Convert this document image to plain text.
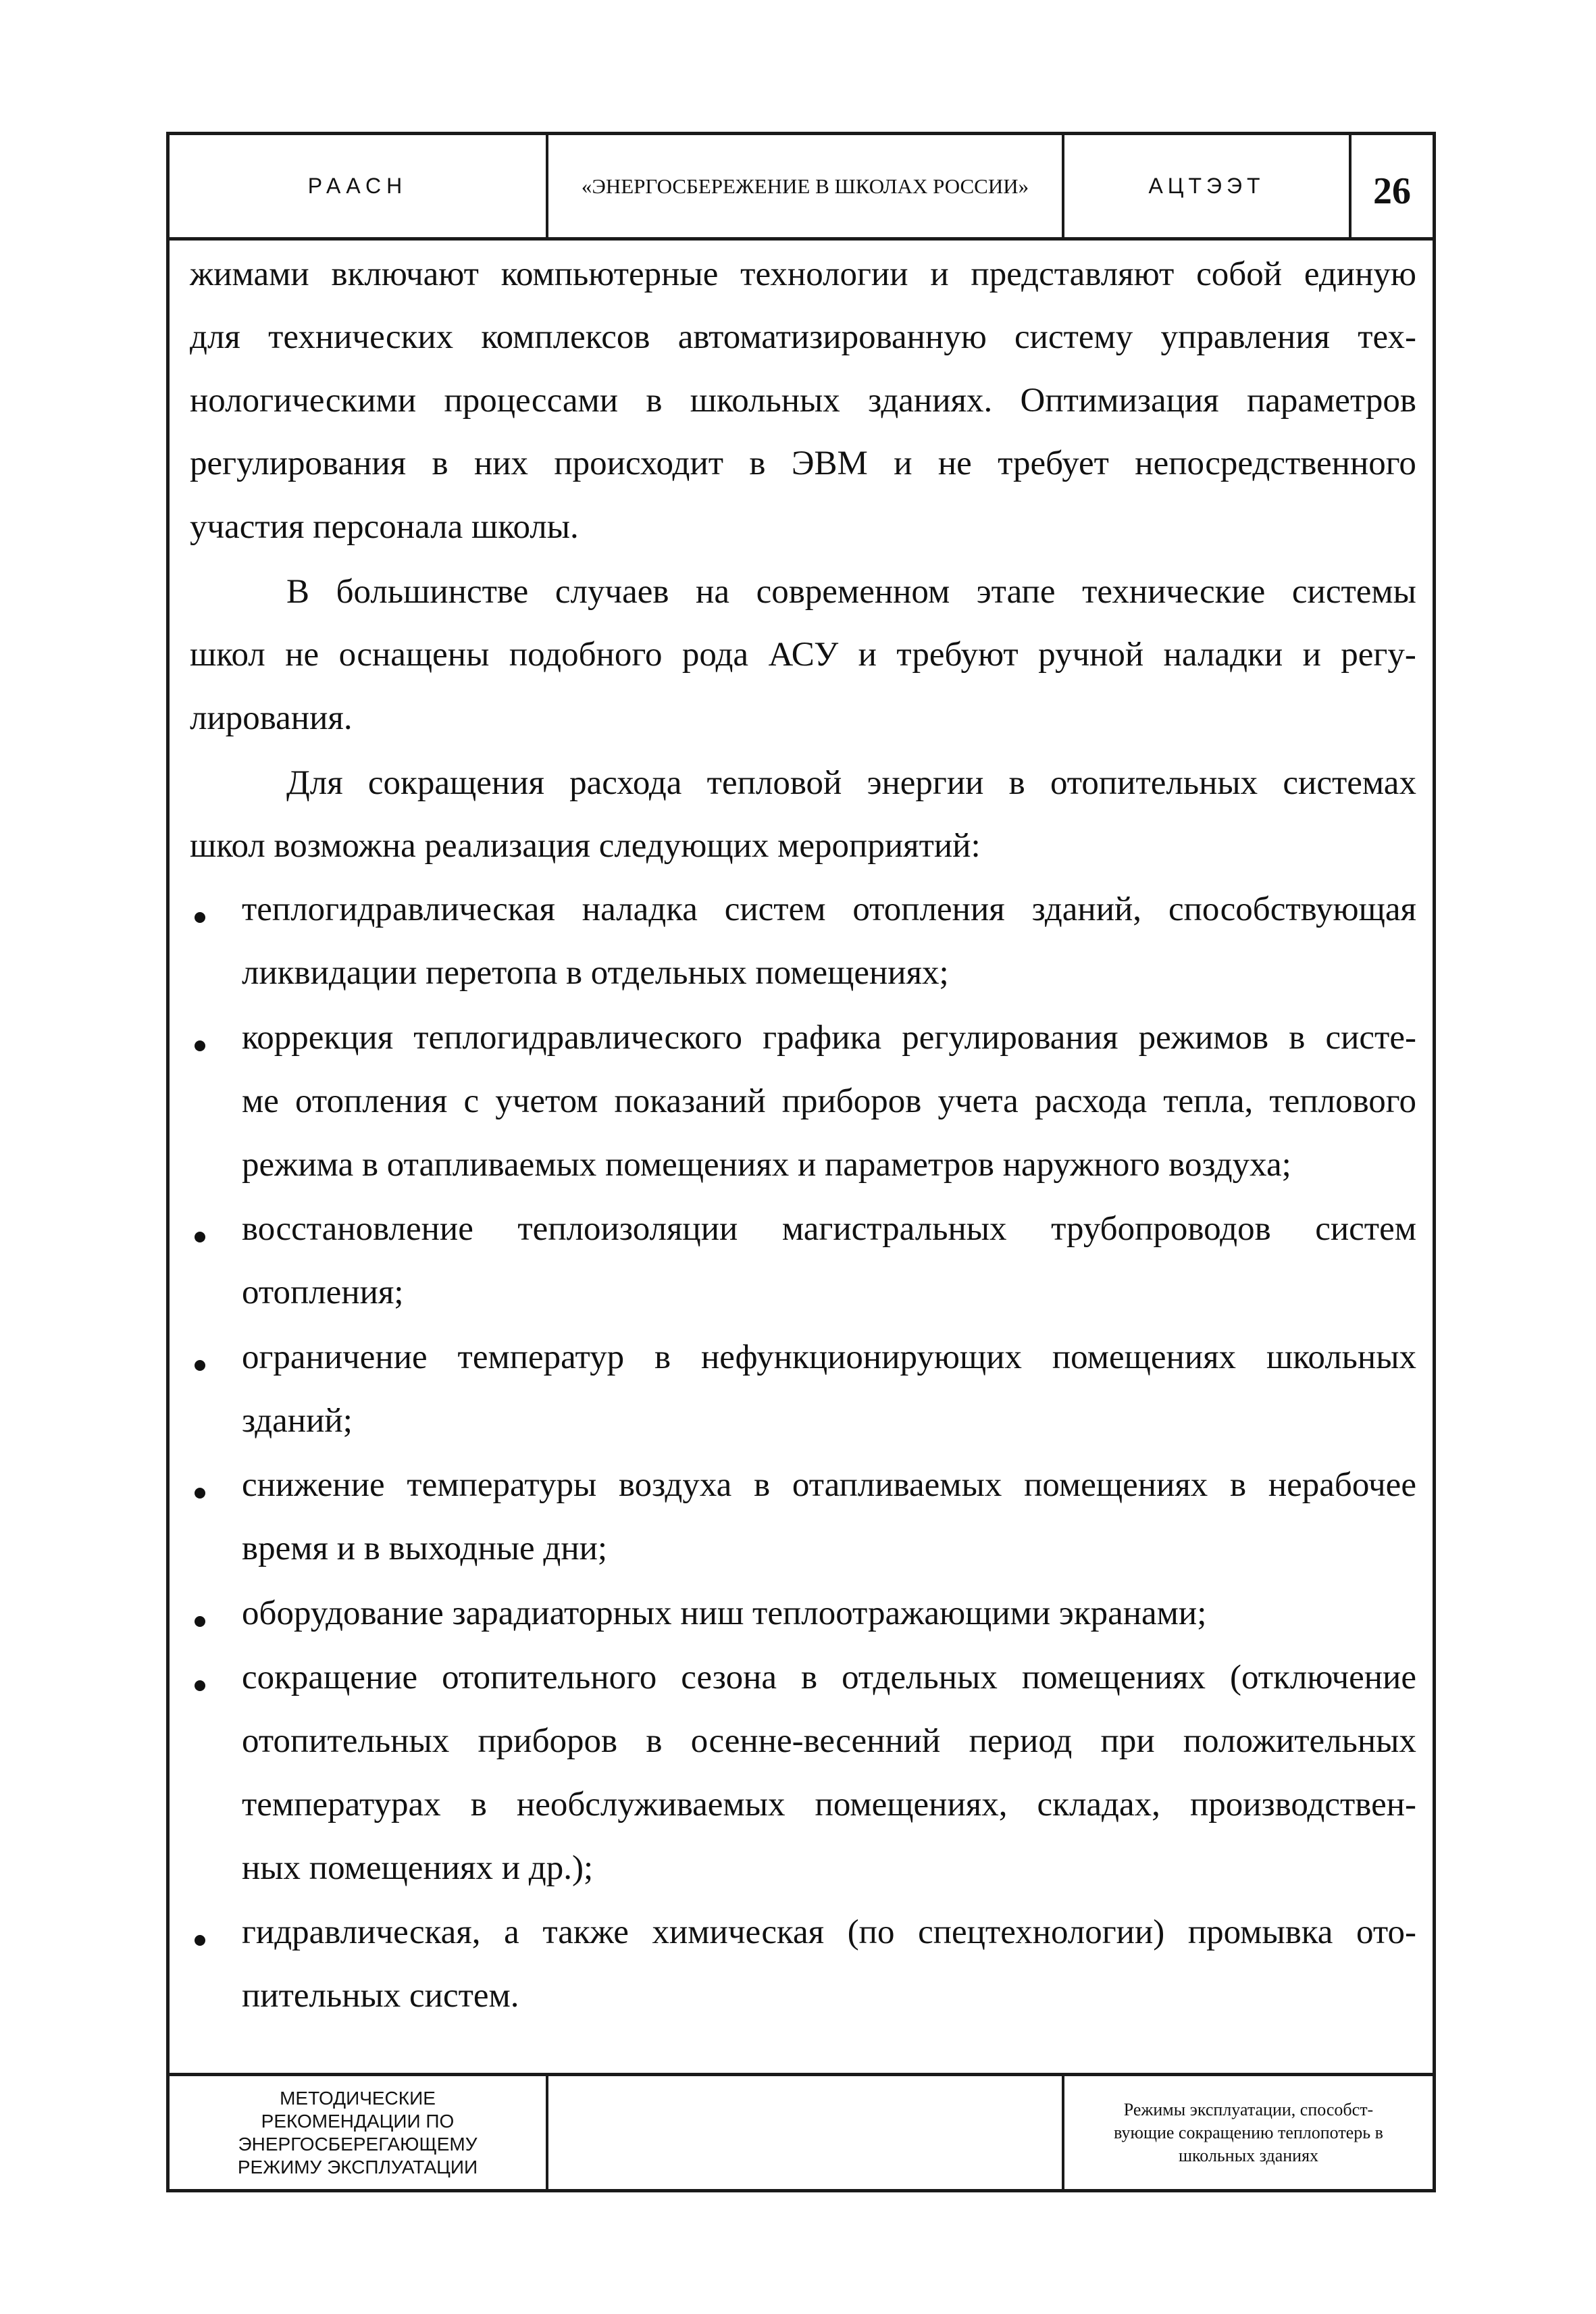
РААСН	«ЭНЕРГОСБЕРЕЖЕНИЕ В ШКОЛАХ РОССИИ»	АЦТЭЭТ	26
жимами включают компьютерные технологии и представляют собой единую
для технических комплексов автоматизированную систему управления тех-
нологическими процессами в школьных зданиях. Оптимизация параметров
регулирования в них происходит в ЭВМ и не требует непосредственного
участия персонала школы.
В большинстве случаев на современном этапе технические системы
школ не оснащены подобного рода АСУ и требуют ручной наладки и регу-
лирования.
Для сокращения расхода тепловой энергии в отопительных системах
школ возможна реализация следующих мероприятий:
теплогидравлическая наладка систем отопления зданий, способствующая
ликвидации перетопа в отдельных помещениях;
коррекция теплогидравлического графика регулирования режимов в систе-
ме отопления с учетом показаний приборов учета расхода тепла, теплового
режима в отапливаемых помещениях и параметров наружного воздуха;
восстановление теплоизоляции магистральных трубопроводов систем
отопления;
ограничение температур в нефункционирующих помещениях школьных
зданий;
снижение температуры воздуха в отапливаемых помещениях в нерабочее
время и в выходные дни;
оборудование зарадиаторных ниш теплоотражающими экранами;
сокращение отопительного сезона в отдельных помещениях (отключение
отопительных приборов в осенне-весенний период при положительных
температурах в необслуживаемых помещениях, складах, производствен-
ных помещениях и др.);
гидравлическая, а также химическая (по спецтехнологии) промывка ото-
пительных систем.
МЕТОДИЧЕСКИЕ
РЕКОМЕНДАЦИИ ПО
ЭНЕРГОСБЕРЕГАЮЩЕМУ
РЕЖИМУ ЭКСПЛУАТАЦИИ
Режимы эксплуатации, способст-
вующие сокращению теплопотерь в
школьных зданиях
